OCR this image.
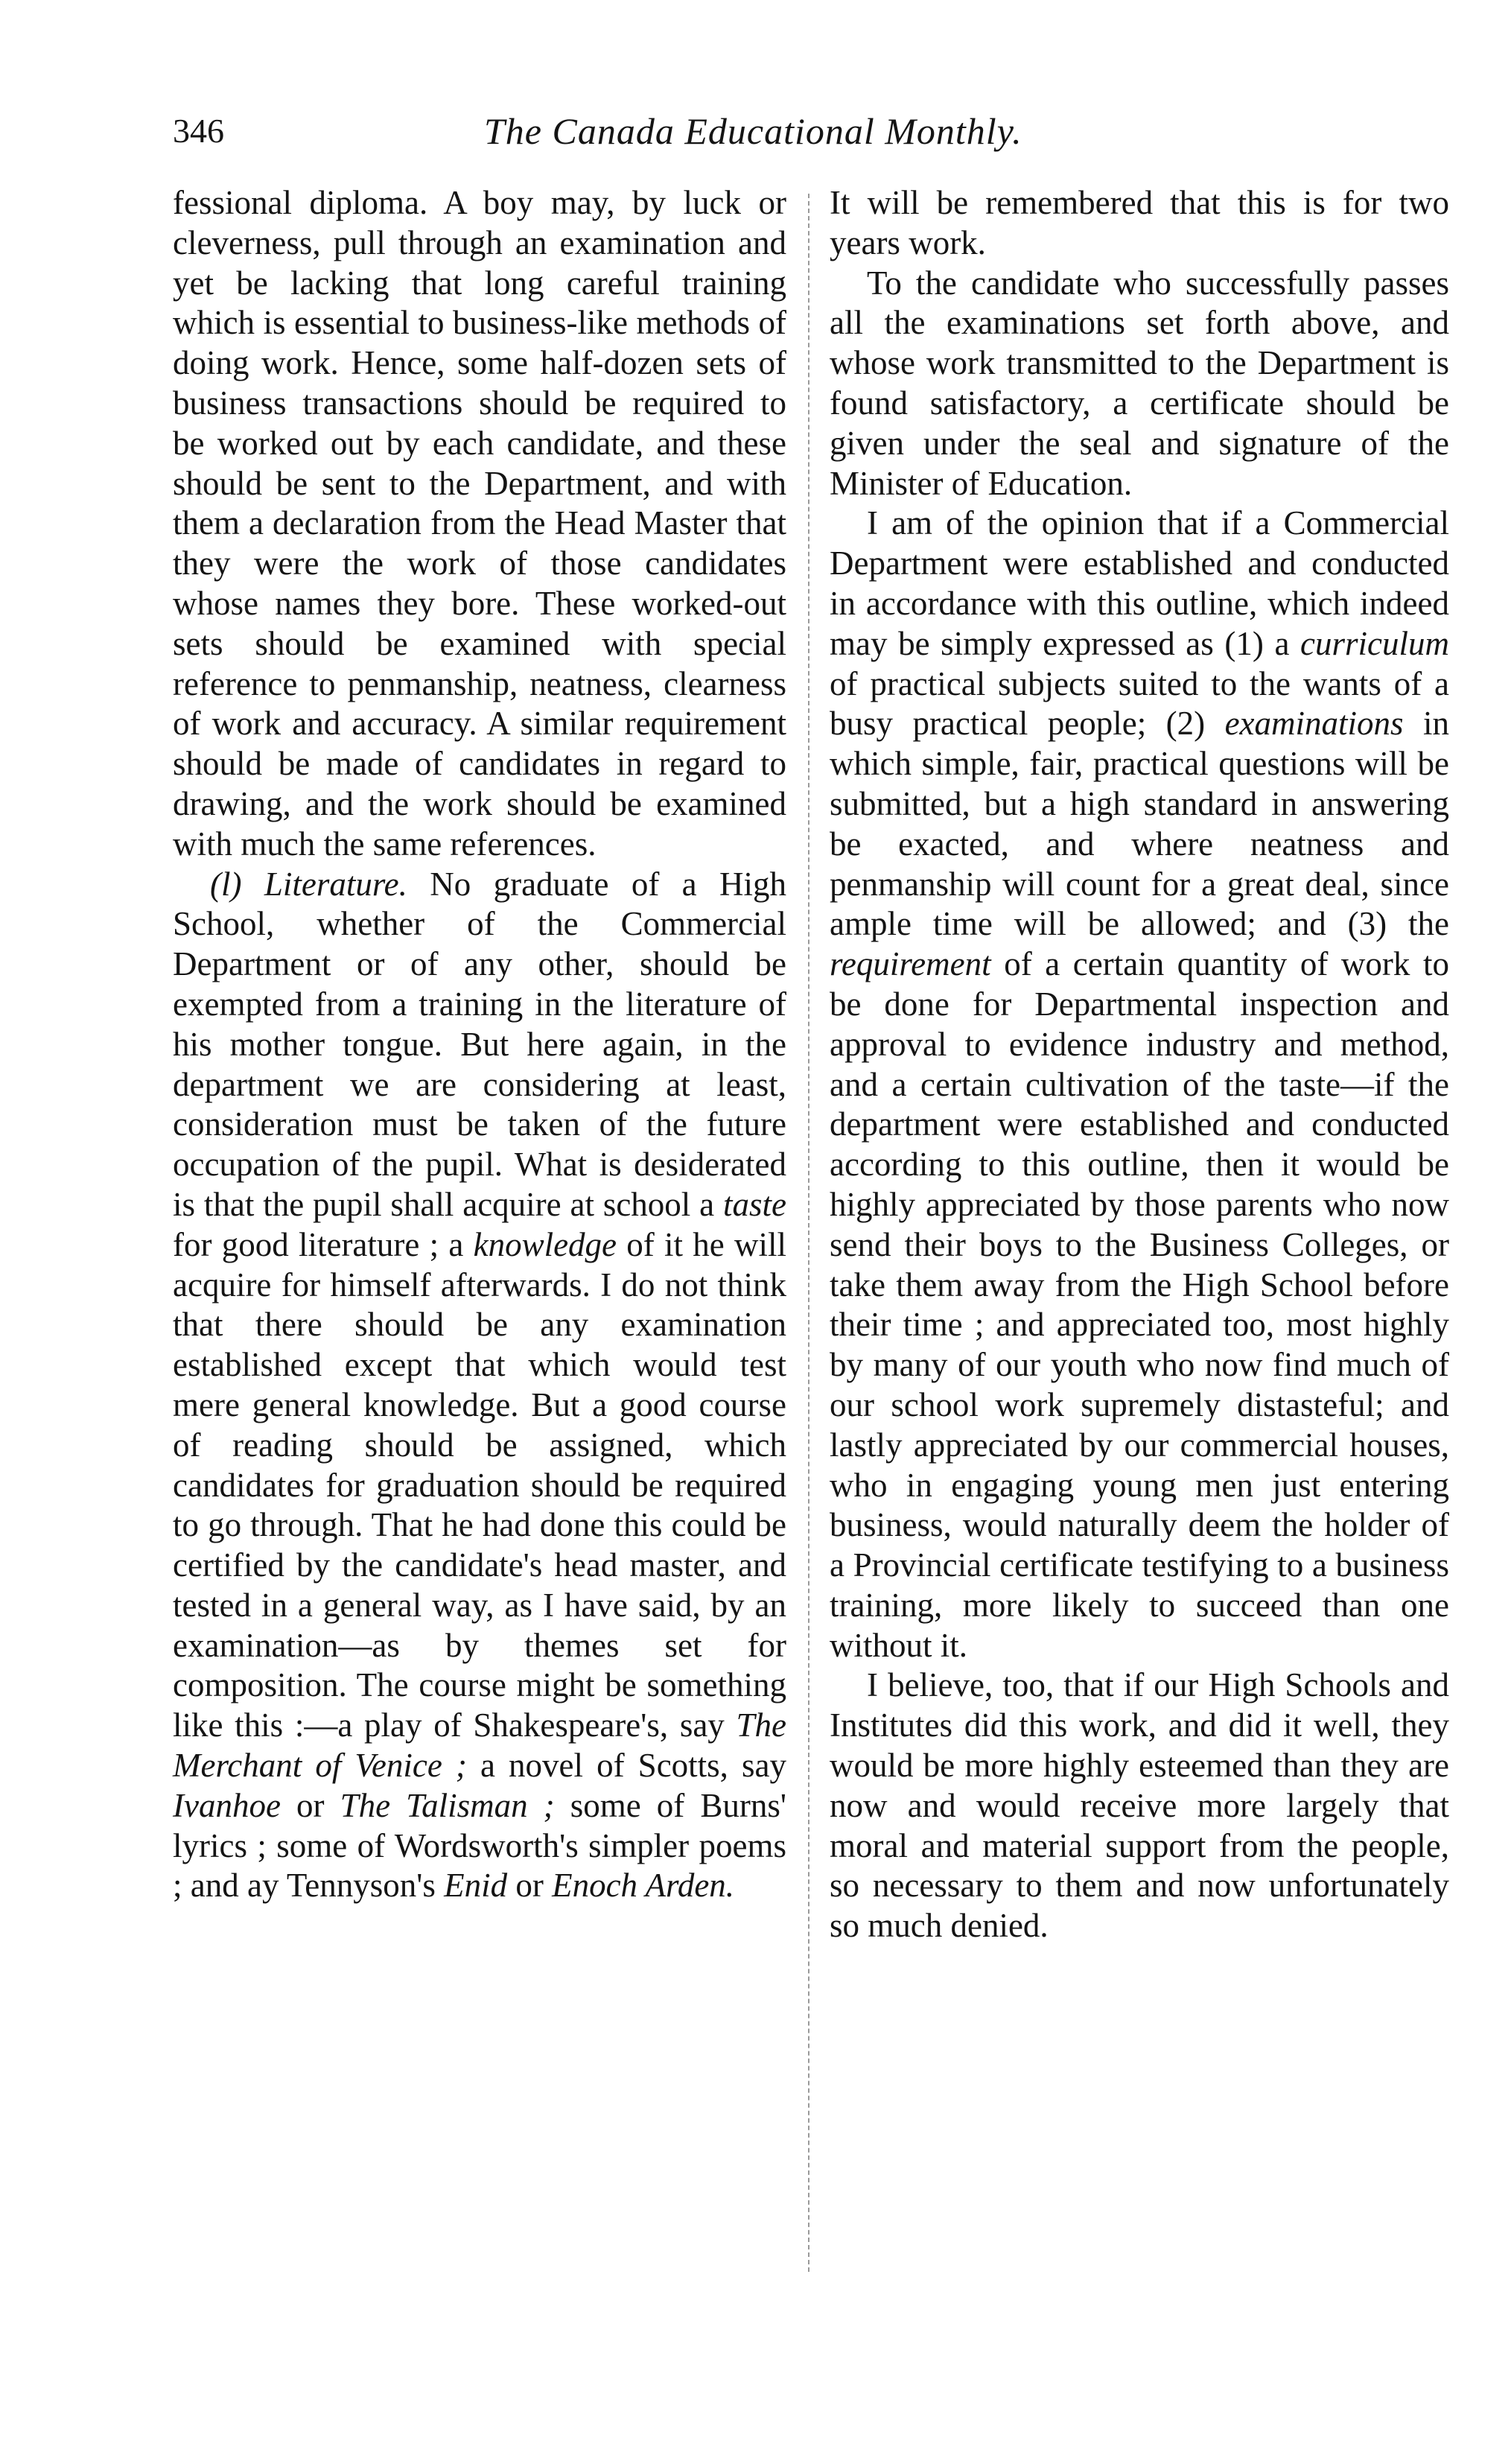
346	The Canada Educational Monthly.

fessional diploma. A boy may, by luck or cleverness, pull through an examination and yet be lacking that long careful training which is essential to business-like methods of doing work. Hence, some half-dozen sets of business transactions should be required to be worked out by each candidate, and these should be sent to the Department, and with them a declaration from the Head Master that they were the work of those candidates whose names they bore. These worked-out sets should be examined with special reference to penmanship, neatness, clearness of work and accuracy. A similar requirement should be made of candidates in regard to drawing, and the work should be examined with much the same references.

(l) Literature. No graduate of a High School, whether of the Commercial Department or of any other, should be exempted from a training in the literature of his mother tongue. But here again, in the department we are considering at least, consideration must be taken of the future occupation of the pupil. What is desiderated is that the pupil shall acquire at school a taste for good literature ; a knowledge of it he will acquire for himself afterwards. I do not think that there should be any examination established except that which would test mere general knowledge. But a good course of reading should be assigned, which candidates for graduation should be required to go through. That he had done this could be certified by the candidate's head master, and tested in a general way, as I have said, by an examination—as by themes set for composition. The course might be something like this :—a play of Shakespeare's, say The Merchant of Venice ; a novel of Scotts, say Ivanhoe or The Talisman ; some of Burns' lyrics ; some of Wordsworth's simpler poems ; and ay Tennyson's Enid or Enoch Arden.

It will be remembered that this is for two years work.

To the candidate who successfully passes all the examinations set forth above, and whose work transmitted to the Department is found satisfactory, a certificate should be given under the seal and signature of the Minister of Education.

I am of the opinion that if a Commercial Department were established and conducted in accordance with this outline, which indeed may be simply expressed as (1) a curriculum of practical subjects suited to the wants of a busy practical people; (2) examinations in which simple, fair, practical questions will be submitted, but a high standard in answering be exacted, and where neatness and penmanship will count for a great deal, since ample time will be allowed; and (3) the requirement of a certain quantity of work to be done for Departmental inspection and approval to evidence industry and method, and a certain cultivation of the taste—if the department were established and conducted according to this outline, then it would be highly appreciated by those parents who now send their boys to the Business Colleges, or take them away from the High School before their time ; and appreciated too, most highly by many of our youth who now find much of our school work supremely distasteful; and lastly appreciated by our commercial houses, who in engaging young men just entering business, would naturally deem the holder of a Provincial certificate testifying to a business training, more likely to succeed than one without it.

I believe, too, that if our High Schools and Institutes did this work, and did it well, they would be more highly esteemed than they are now and would receive more largely that moral and material support from the people, so necessary to them and now unfortunately so much denied.
